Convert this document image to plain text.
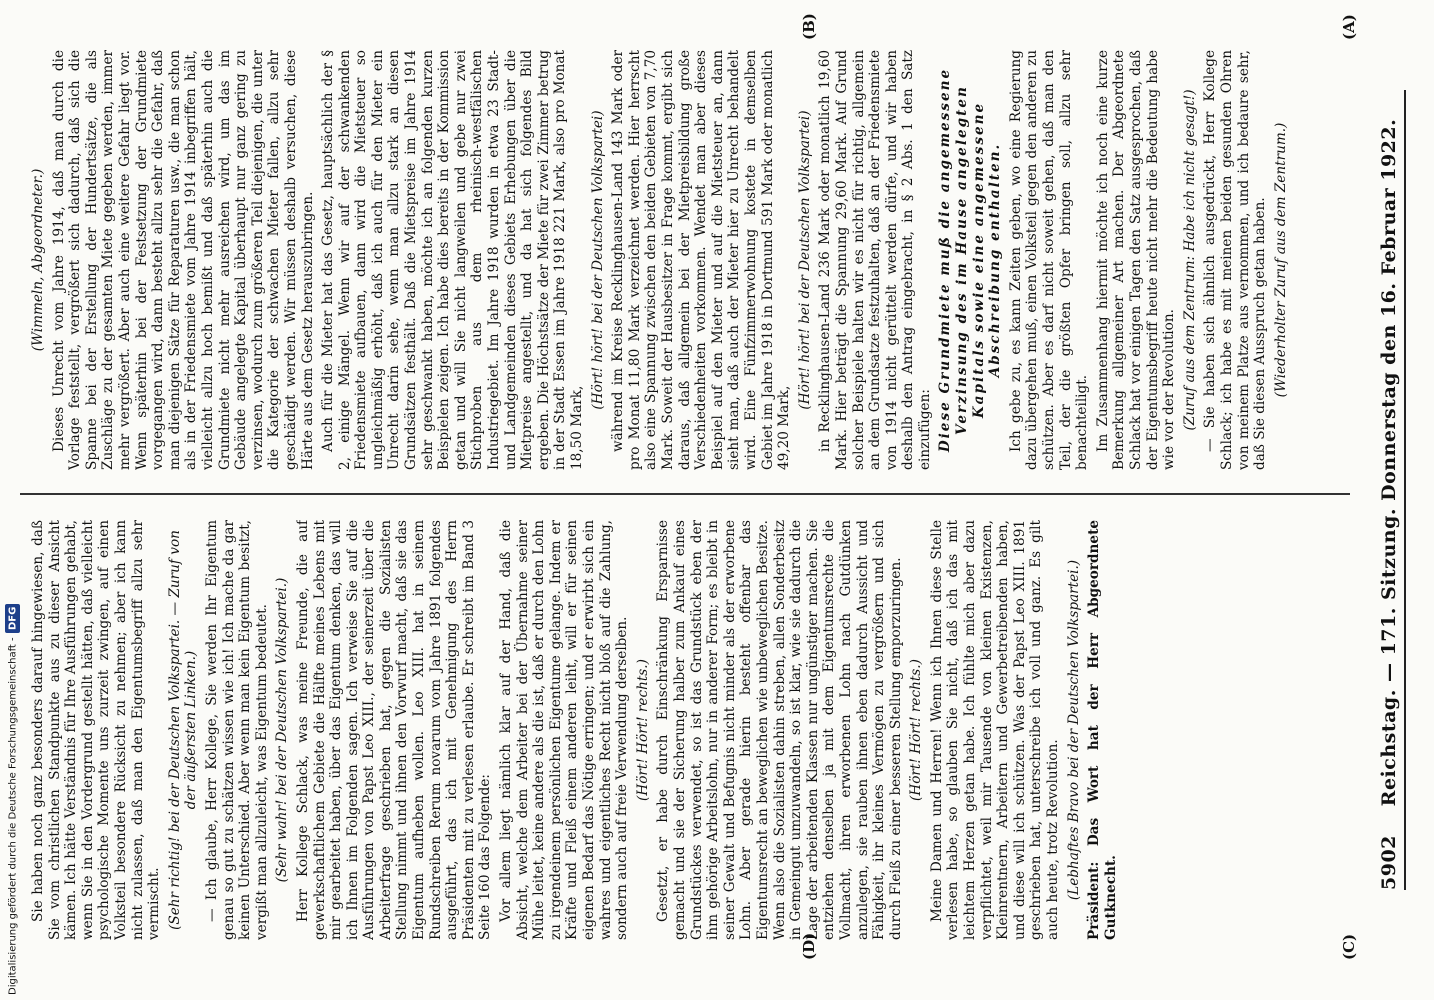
5902
Reichstag. — 171. Sitzung. Donnerstag den 16. Februar 1922.
(A)
(B)
(C)
(D)

(Wimmeln, Abgeordneter.) Dieses Unrecht vom Jahre 1914, daß man durch die Vorlage feststellt, vergrößert sich dadurch, daß sich die Spanne bei der Erstellung der Hundertsätze, die als Zuschläge zu der gesamten Miete gegeben werden, immer mehr vergrößert. Aber auch eine weitere Gefahr liegt vor. Wenn späterhin bei der Festsetzung der Grundmiete vorgegangen wird, dann besteht allzu sehr die Gefahr, daß man diejenigen Sätze für Reparaturen usw., die man schon als in der Friedensmiete vom Jahre 1914 inbegriffen hält, vielleicht allzu hoch bemißt und daß späterhin auch die Grundmiete nicht mehr ausreichen wird, um das im Gebäude angelegte Kapital überhaupt nur ganz gering zu verzinsen, wodurch zum größeren Teil diejenigen, die unter die Kategorie der schwachen Mieter fallen, allzu sehr geschädigt werden. Wir müssen deshalb versuchen, diese Härte aus dem Gesetz herauszubringen. Auch für die Mieter hat das Gesetz, hauptsächlich der § 2, einige Mängel. Wenn wir auf der schwankenden Friedensmiete aufbauen, dann wird die Mietsteuer so ungleichmäßig erhöht, daß ich auch für den Mieter ein Unrecht darin sehe, wenn man allzu stark an diesen Grundsätzen festhält. Daß die Mietspreise im Jahre 1914 sehr geschwankt haben, möchte ich an folgenden kurzen Beispielen zeigen. Ich habe dies bereits in der Kommission getan und will Sie nicht langweilen und gebe nur zwei Stichproben aus dem rheinisch-westfälischen Industriegebiet. Im Jahre 1918 wurden in etwa 23 Stadt- und Landgemeinden dieses Gebiets Erhebungen über die Mietpreise angestellt, und da hat sich folgendes Bild ergeben. Die Höchstsätze der Miete für zwei Zimmer betrug in der Stadt Essen im Jahre 1918 221 Mark, also pro Monat 18,50 Mark,

(Hört! hört! bei der Deutschen Volkspartei) während im Kreise Recklinghausen-Land 143 Mark oder pro Monat 11,80 Mark verzeichnet werden. Hier herrscht also eine Spannung zwischen den beiden Gebieten von 7,70 Mark. Soweit der Hausbesitzer in Frage kommt, ergibt sich daraus, daß allgemein bei der Mietpreisbildung große Verschiedenheiten vorkommen. Wendet man aber dieses Beispiel auf den Mieter und auf die Mietsteuer an, dann sieht man, daß auch der Mieter hier zu Unrecht behandelt wird. Eine Fünfzimmerwohnung kostete in demselben Gebiet im Jahre 1918 in Dortmund 591 Mark oder monatlich 49,20 Mark,

(Hört! hört! bei der Deutschen Volkspartei) in Recklinghausen-Land 236 Mark oder monatlich 19,60 Mark. Hier beträgt die Spannung 29,60 Mark. Auf Grund solcher Beispiele halten wir es nicht für richtig, allgemein an dem Grundsatze festzuhalten, daß an der Friedensmiete von 1914 nicht gerüttelt werden dürfe, und wir haben deshalb den Antrag eingebracht, in § 2 Abs. 1 den Satz einzufügen: Diese Grundmiete muß die angemessene Verzinsung des im Hause angelegten Kapitals sowie eine angemessene Abschreibung enthalten. Ich gebe zu, es kann Zeiten geben, wo eine Regierung dazu übergehen muß, einen Volksteil gegen den anderen zu schützen. Aber es darf nicht soweit gehen, daß man den Teil, der die größten Opfer bringen soll, allzu sehr benachteiligt. Im Zusammenhang hiermit möchte ich noch eine kurze Bemerkung allgemeiner Art machen. Der Abgeordnete Schlack hat vor einigen Tagen den Satz ausgesprochen, daß der Eigentumsbegriff heute nicht mehr die Bedeutung habe wie vor der Revolution. (Zuruf aus dem Zentrum: Habe ich nicht gesagt!) — Sie haben sich ähnlich ausgedrückt, Herr Kollege Schlack; ich habe es mit meinen beiden gesunden Ohren von meinem Platze aus vernommen, und ich bedaure sehr, daß Sie diesen Ausspruch getan haben. (Wiederholter Zuruf aus dem Zentrum.)

Sie haben noch ganz besonders darauf hingewiesen, daß Sie vom christlichen Standpunkte aus zu dieser Ansicht kämen. Ich hätte Verständnis für Ihre Ausführungen gehabt, wenn Sie in den Vordergrund gestellt hätten, daß vielleicht psychologische Momente uns zurzeit zwingen, auf einen Volksteil besondere Rücksicht zu nehmen; aber ich kann nicht zulassen, daß man den Eigentumsbegriff allzu sehr vermischt. (Sehr richtig! bei der Deutschen Volkspartei. — Zuruf von der äußersten Linken.) — Ich glaube, Herr Kollege, Sie werden Ihr Eigentum genau so gut zu schätzen wissen wie ich! Ich mache da gar keinen Unterschied. Aber wenn man kein Eigentum besitzt, vergißt man allzuleicht, was Eigentum bedeutet. (Sehr wahr! bei der Deutschen Volkspartei.) Herr Kollege Schlack, was meine Freunde, die auf gewerkschaftlichem Gebiete die Hälfte meines Lebens mit mir gearbeitet haben, über das Eigentum denken, das will ich Ihnen im Folgenden sagen. Ich verweise Sie auf die Ausführungen von Papst Leo XIII., der seinerzeit über die Arbeiterfrage geschrieben hat, gegen die Sozialisten Stellung nimmt und ihnen den Vorwurf macht, daß sie das Eigentum aufheben wollen. Leo XIII. hat in seinem Rundschreiben Rerum novarum vom Jahre 1891 folgendes ausgeführt, das ich mit Genehmigung des Herrn Präsidenten mit zu verlesen erlaube. Er schreibt im Band 3 Seite 160 das Folgende: Vor allem liegt nämlich klar auf der Hand, daß die Absicht, welche dem Arbeiter bei der Übernahme seiner Mühe leitet, keine andere als die ist, daß er durch den Lohn zu irgendeinem persönlichen Eigentume gelange. Indem er Kräfte und Fleiß einem anderen leiht, will er für seinen eigenen Bedarf das Nötige erringen; und er erwirbt sich ein wahres und eigentliches Recht nicht bloß auf die Zahlung, sondern auch auf freie Verwendung derselben. (Hört! Hört! rechts.) Gesetzt, er habe durch Einschränkung Ersparnisse gemacht und sie der Sicherung halber zum Ankauf eines Grundstückes verwendet, so ist das Grundstück eben der ihm gehörige Arbeitslohn, nur in anderer Form; es bleibt in seiner Gewalt und Befugnis nicht minder als der erworbene Lohn. Aber gerade hierin besteht offenbar das Eigentumsrecht an beweglichen wie unbeweglichen Besitze. Wenn also die Sozialisten dahin streben, allen Sonderbesitz in Gemeingut umzuwandeln, so ist klar, wie sie dadurch die Lage der arbeitenden Klassen nur ungünstiger machen. Sie entziehen denselben ja mit dem Eigentumsrechte die Vollmacht, ihren erworbenen Lohn nach Gutdünken anzulegen, sie rauben ihnen eben dadurch Aussicht und Fähigkeit, ihr kleines Vermögen zu vergrößern und sich durch Fleiß zu einer besseren Stellung emporzuringen. (Hört! Hört! rechts.) Meine Damen und Herren! Wenn ich Ihnen diese Stelle verlesen habe, so glauben Sie nicht, daß ich das mit leichtem Herzen getan habe. Ich fühlte mich aber dazu verpflichtet, weil mir Tausende von kleinen Existenzen, Kleinrentnern, Arbeitern und Gewerbetreibenden haben, und diese will ich schützen. Was der Papst Leo XIII. 1891 geschrieben hat, unterschreibe ich voll und ganz. Es gilt auch heute, trotz Revolution. (Lebhaftes Bravo bei der Deutschen Volkspartei.) Präsident: Das Wort hat der Herr Abgeordnete Gutknecht.

Digitalisierung gefördert durch die Deutsche Forschungsgemeinschaft -
DFG
